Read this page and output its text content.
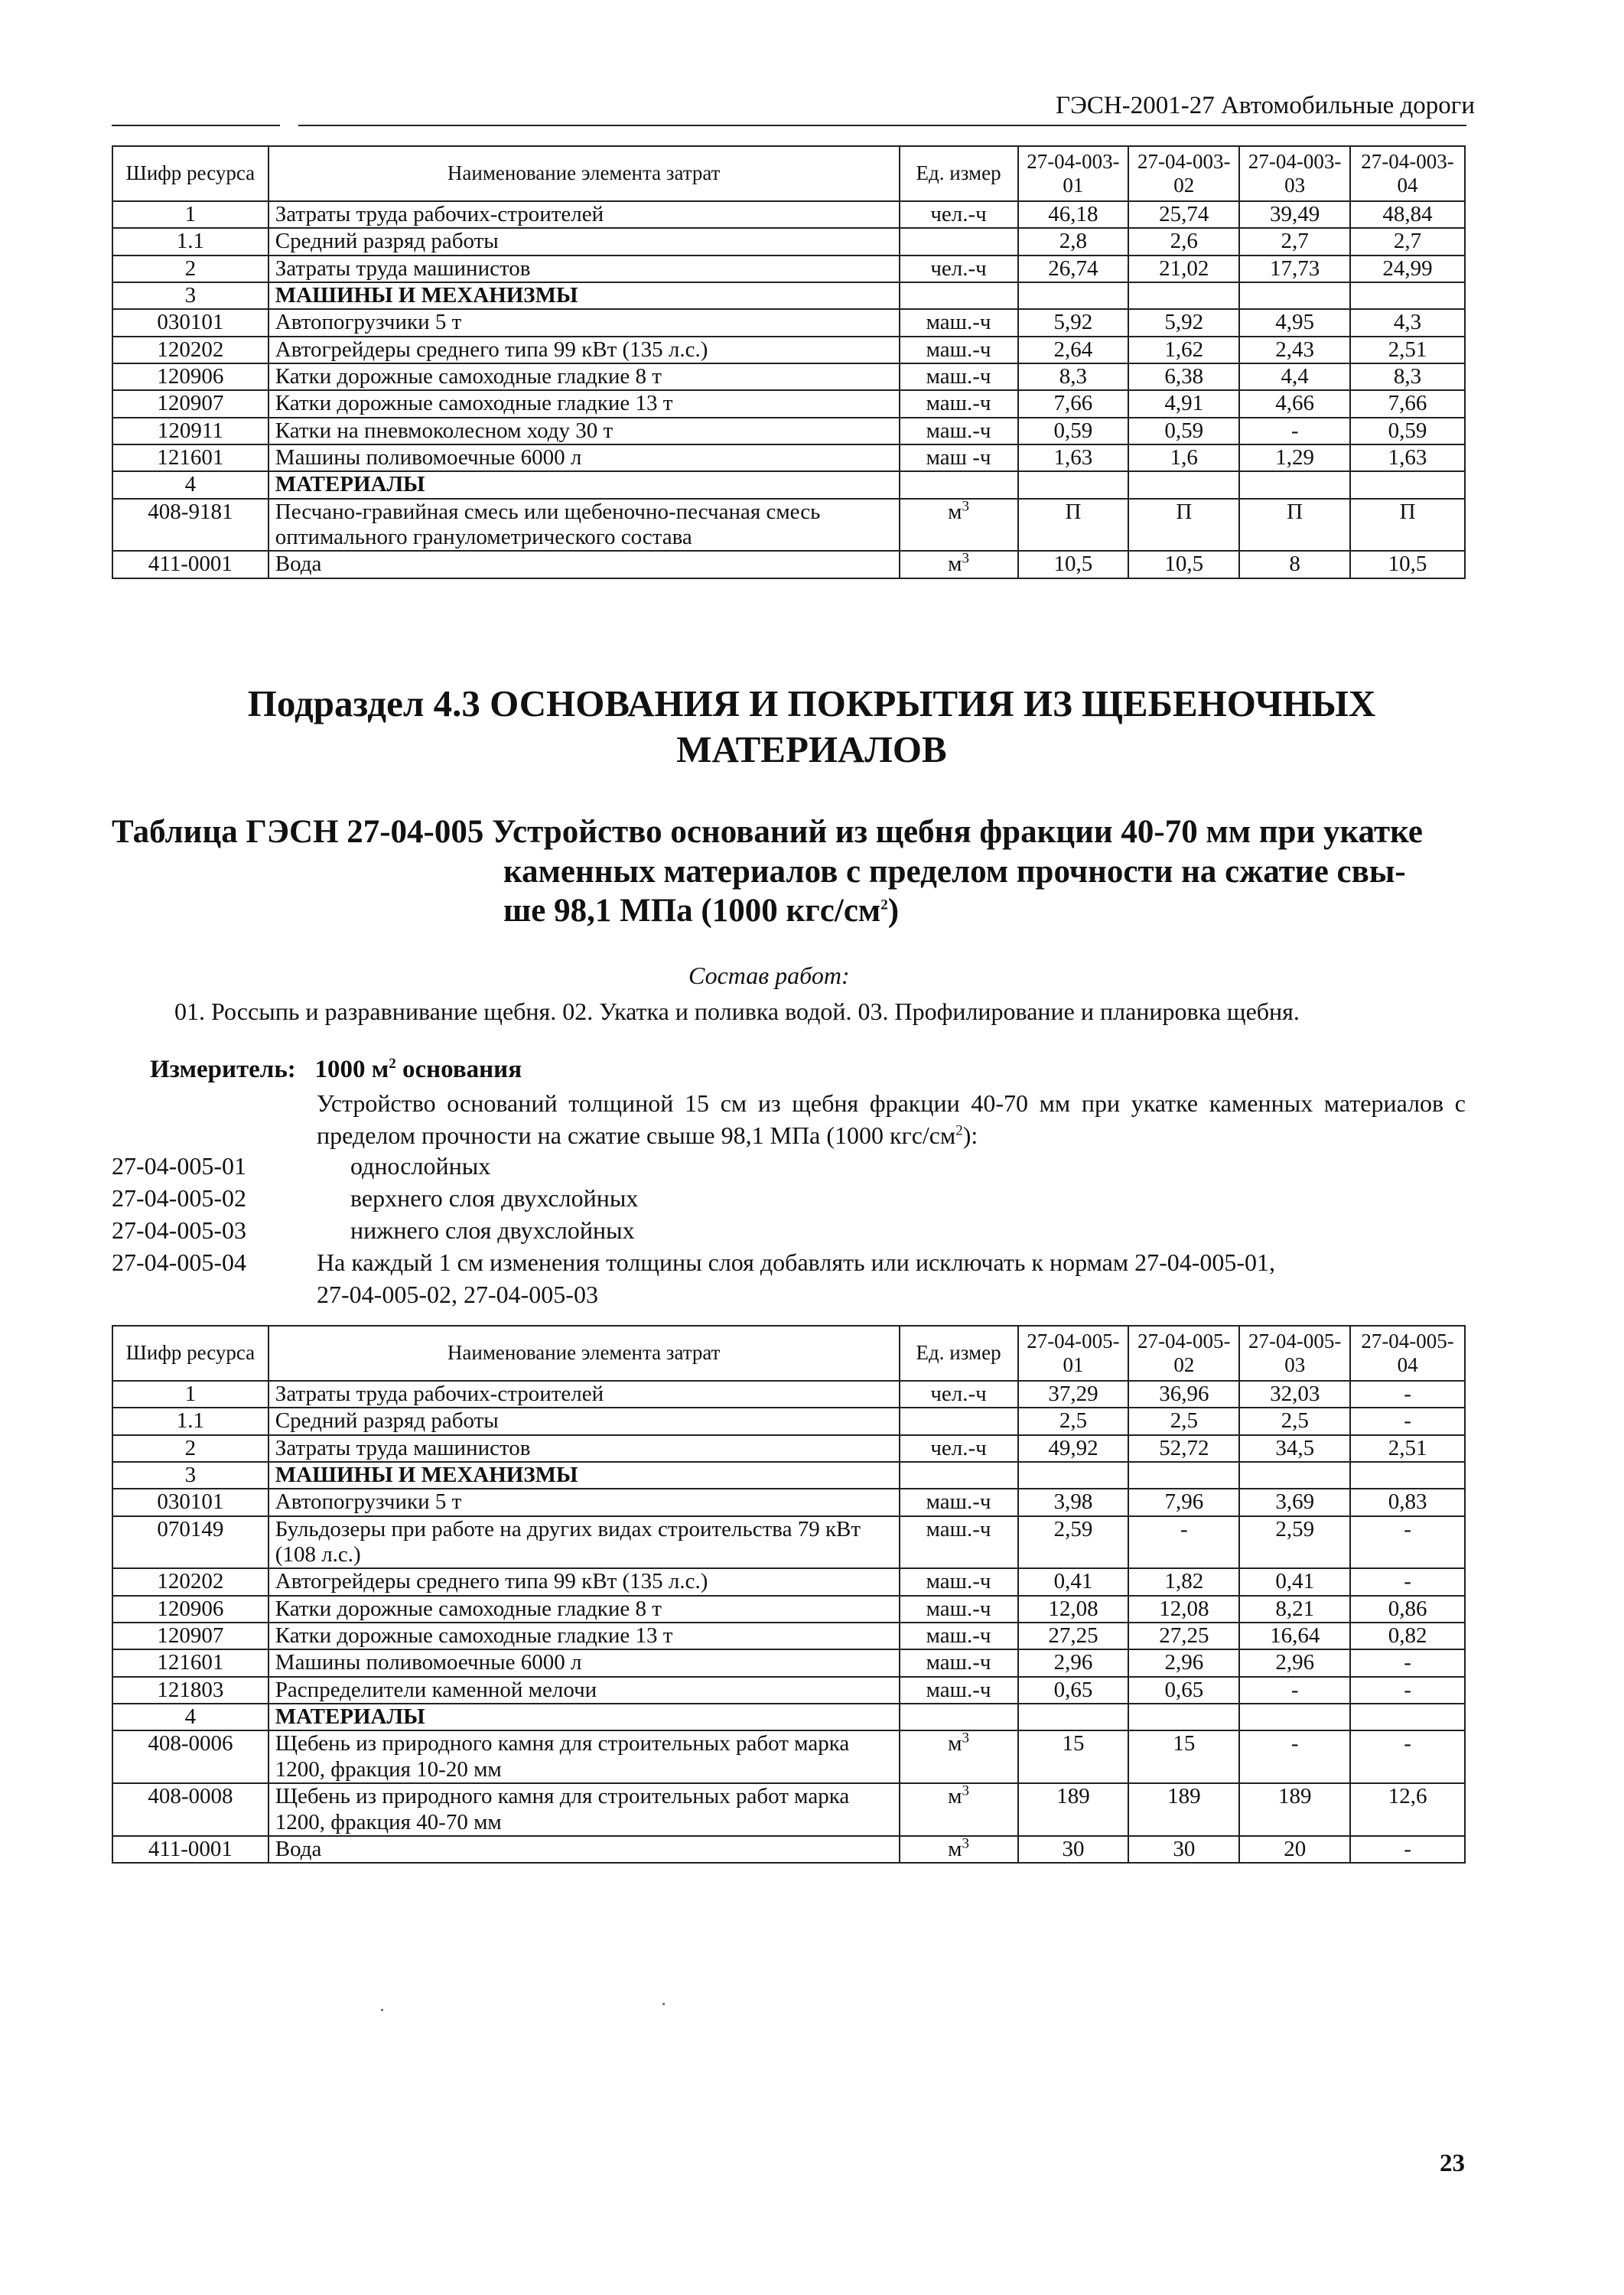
ГЭСН-2001-27 Автомобильные дороги
Шифр ресурса	Наименование элемента затрат	Ед. измер	27-04-003-01	27-04-003-02	27-04-003-03	27-04-003-04
1	Затраты труда рабочих-строителей	чел.-ч	46,18	25,74	39,49	48,84
1.1	Средний разряд работы		2,8	2,6	2,7	2,7
2	Затраты труда машинистов	чел.-ч	26,74	21,02	17,73	24,99
3	МАШИНЫ И МЕХАНИЗМЫ					
030101	Автопогрузчики 5 т	маш.-ч	5,92	5,92	4,95	4,3
120202	Автогрейдеры среднего типа 99 кВт (135 л.с.)	маш.-ч	2,64	1,62	2,43	2,51
120906	Катки дорожные самоходные гладкие 8 т	маш.-ч	8,3	6,38	4,4	8,3
120907	Катки дорожные самоходные гладкие 13 т	маш.-ч	7,66	4,91	4,66	7,66
120911	Катки на пневмоколесном ходу 30 т	маш.-ч	0,59	0,59	-	0,59
121601	Машины поливомоечные 6000 л	маш -ч	1,63	1,6	1,29	1,63
4	МАТЕРИАЛЫ					
408-9181	Песчано-гравийная смесь или щебеночно-песчаная смесь оптимального гранулометрического состава	$м^3$	П	П	П	П
411-0001	Вода	$м^3$	10,5	10,5	8	10,5
Подраздел 4.3 ОСНОВАНИЯ И ПОКРЫТИЯ ИЗ ЩЕБЕНОЧНЫХ
МАТЕРИАЛОВ
Таблица ГЭСН 27-04-005 Устройство оснований из щебня фракции 40-70 мм при укатке
каменных материалов с пределом прочности на сжатие свы-
ше 98,1 МПа (1000 кгс/$см^2$)
Состав работ:
01. Россыпь и разравнивание щебня. 02. Укатка и поливка водой. 03. Профилирование и планировка щебня.
Измеритель: 1000 $м^2$ основания
Устройство оснований толщиной 15 см из щебня фракции 40-70 мм при укатке каменных материалов с пределом прочности на сжатие свыше 98,1 МПа (1000 кгс/$см^2$):
27-04-005-01	однослойных
27-04-005-02	верхнего слоя двухслойных
27-04-005-03	нижнего слоя двухслойных
27-04-005-04	На каждый 1 см изменения толщины слоя добавлять или исключать к нормам 27-04-005-01,
27-04-005-02, 27-04-005-03
Шифр ресурса	Наименование элемента затрат	Ед. измер	27-04-005-01	27-04-005-02	27-04-005-03	27-04-005-04
1	Затраты труда рабочих-строителей	чел.-ч	37,29	36,96	32,03	-
1.1	Средний разряд работы		2,5	2,5	2,5	-
2	Затраты труда машинистов	чел.-ч	49,92	52,72	34,5	2,51
3	МАШИНЫ И МЕХАНИЗМЫ					
030101	Автопогрузчики 5 т	маш.-ч	3,98	7,96	3,69	0,83
070149	Бульдозеры при работе на других видах строительства 79 кВт (108 л.с.)	маш.-ч	2,59	-	2,59	-
120202	Автогрейдеры среднего типа 99 кВт (135 л.с.)	маш.-ч	0,41	1,82	0,41	-
120906	Катки дорожные самоходные гладкие 8 т	маш.-ч	12,08	12,08	8,21	0,86
120907	Катки дорожные самоходные гладкие 13 т	маш.-ч	27,25	27,25	16,64	0,82
121601	Машины поливомоечные 6000 л	маш.-ч	2,96	2,96	2,96	-
121803	Распределители каменной мелочи	маш.-ч	0,65	0,65	-	-
4	МАТЕРИАЛЫ					
408-0006	Щебень из природного камня для строительных работ марка 1200, фракция 10-20 мм	$м^3$	15	15	-	-
408-0008	Щебень из природного камня для строительных работ марка 1200, фракция 40-70 мм	$м^3$	189	189	189	12,6
411-0001	Вода	$м^3$	30	30	20	-
23
